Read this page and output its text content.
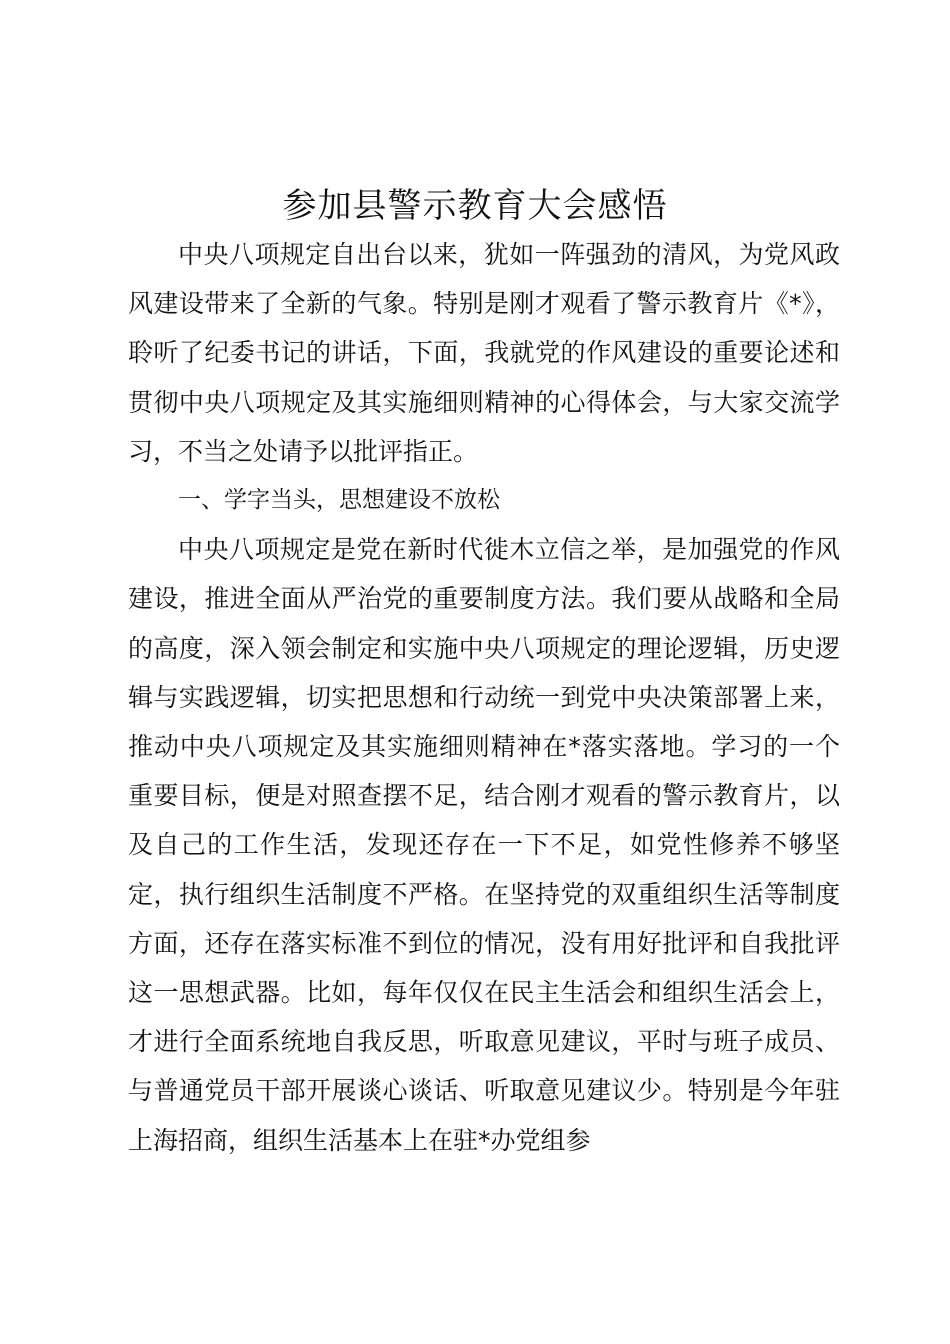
参加县警示教育大会感悟

中央八项规定自出台以来，犹如一阵强劲的清风，为党风政风建设带来了全新的气象。特别是刚才观看了警示教育片《*》，聆听了纪委书记的讲话，下面，我就党的作风建设的重要论述和贯彻中央八项规定及其实施细则精神的心得体会，与大家交流学习，不当之处请予以批评指正。

一、学字当头，思想建设不放松

中央八项规定是党在新时代徙木立信之举，是加强党的作风建设，推进全面从严治党的重要制度方法。我们要从战略和全局的高度，深入领会制定和实施中央八项规定的理论逻辑，历史逻辑与实践逻辑，切实把思想和行动统一到党中央决策部署上来，推动中央八项规定及其实施细则精神在*落实落地。学习的一个重要目标，便是对照查摆不足，结合刚才观看的警示教育片，以及自己的工作生活，发现还存在一下不足，如党性修养不够坚定，执行组织生活制度不严格。在坚持党的双重组织生活等制度方面，还存在落实标准不到位的情况，没有用好批评和自我批评这一思想武器。比如，每年仅仅在民主生活会和组织生活会上，才进行全面系统地自我反思，听取意见建议，平时与班子成员、与普通党员干部开展谈心谈话、听取意见建议少。特别是今年驻上海招商，组织生活基本上在驻*办党组参
